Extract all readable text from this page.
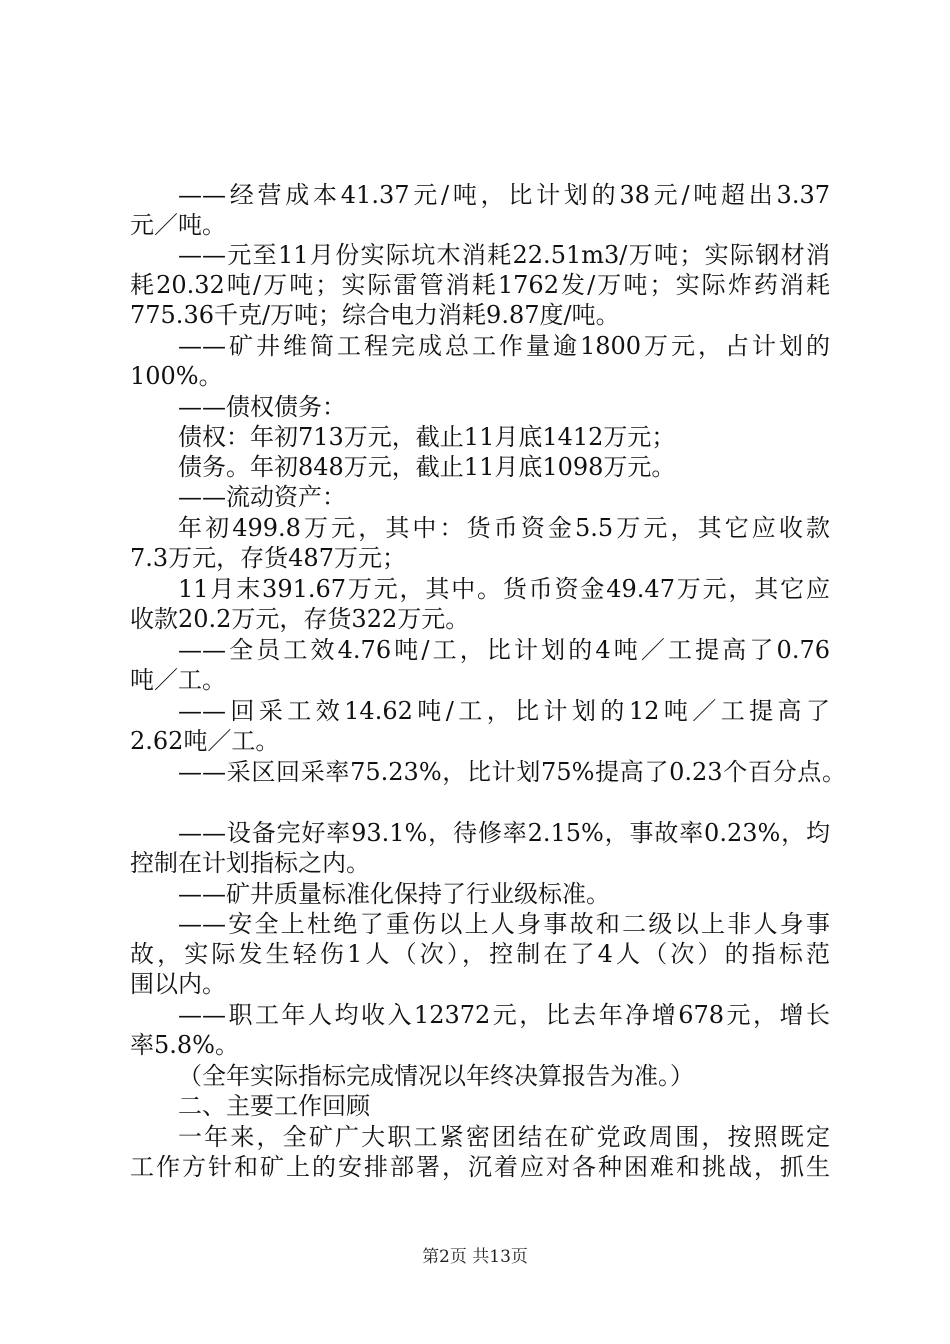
——经营成本41.37元/吨，比计划的38元/吨超出3.37
元／吨。
——元至11月份实际坑木消耗22.51m3/万吨；实际钢材消
耗20.32吨/万吨；实际雷管消耗1762发/万吨；实际炸药消耗
775.36千克/万吨；综合电力消耗9.87度/吨。
——矿井维简工程完成总工作量逾1800万元，占计划的
100%。
——债权债务：
债权：年初713万元，截止11月底1412万元；
债务。年初848万元，截止11月底1098万元。
——流动资产：
年初499.8万元，其中：货币资金5.5万元，其它应收款
7.3万元，存货487万元；
11月末391.67万元，其中。货币资金49.47万元，其它应
收款20.2万元，存货322万元。
——全员工效4.76吨/工，比计划的4吨／工提高了0.76
吨／工。
——回采工效14.62吨/工，比计划的12吨／工提高了
2.62吨／工。
——采区回采率75.23%，比计划75%提高了0.23个百分点。
——设备完好率93.1%，待修率2.15%，事故率0.23%，均
控制在计划指标之内。
——矿井质量标准化保持了行业级标准。
——安全上杜绝了重伤以上人身事故和二级以上非人身事
故，实际发生轻伤1人（次），控制在了4人（次）的指标范
围以内。
——职工年人均收入12372元，比去年净增678元，增长
率5.8%。
（全年实际指标完成情况以年终决算报告为准。）
二、主要工作回顾
一年来，全矿广大职工紧密团结在矿党政周围，按照既定
工作方针和矿上的安排部署，沉着应对各种困难和挑战，抓生
第2页 共13页
